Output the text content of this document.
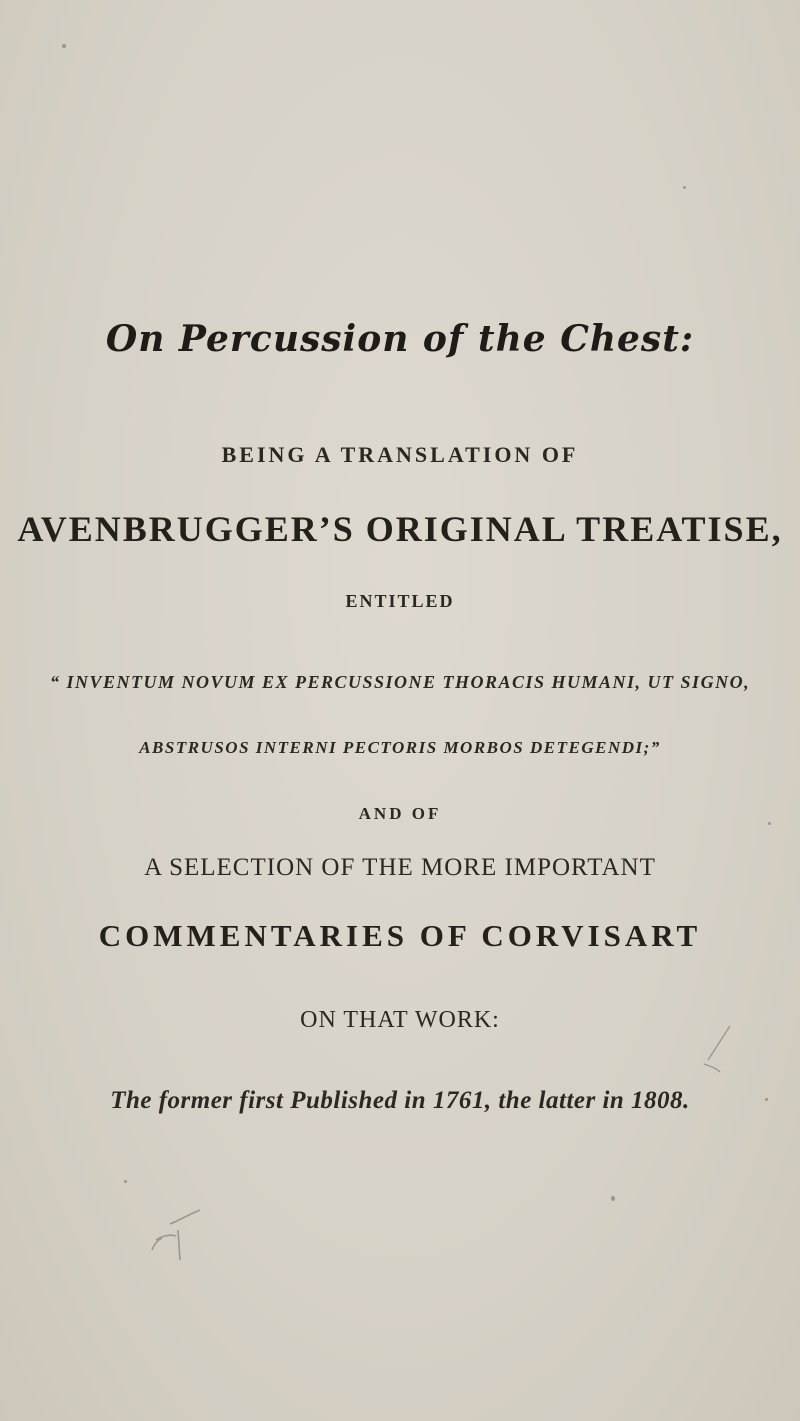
On Percussion of the Chest:
BEING A TRANSLATION OF
AVENBRUGGER’S ORIGINAL TREATISE,
ENTITLED
“ INVENTUM NOVUM EX PERCUSSIONE THORACIS HUMANI, UT SIGNO,
ABSTRUSOS INTERNI PECTORIS MORBOS DETEGENDI;”
AND OF
A SELECTION OF THE MORE IMPORTANT
COMMENTARIES OF CORVISART
ON THAT WORK:
The former first Published in 1761, the latter in 1808.
